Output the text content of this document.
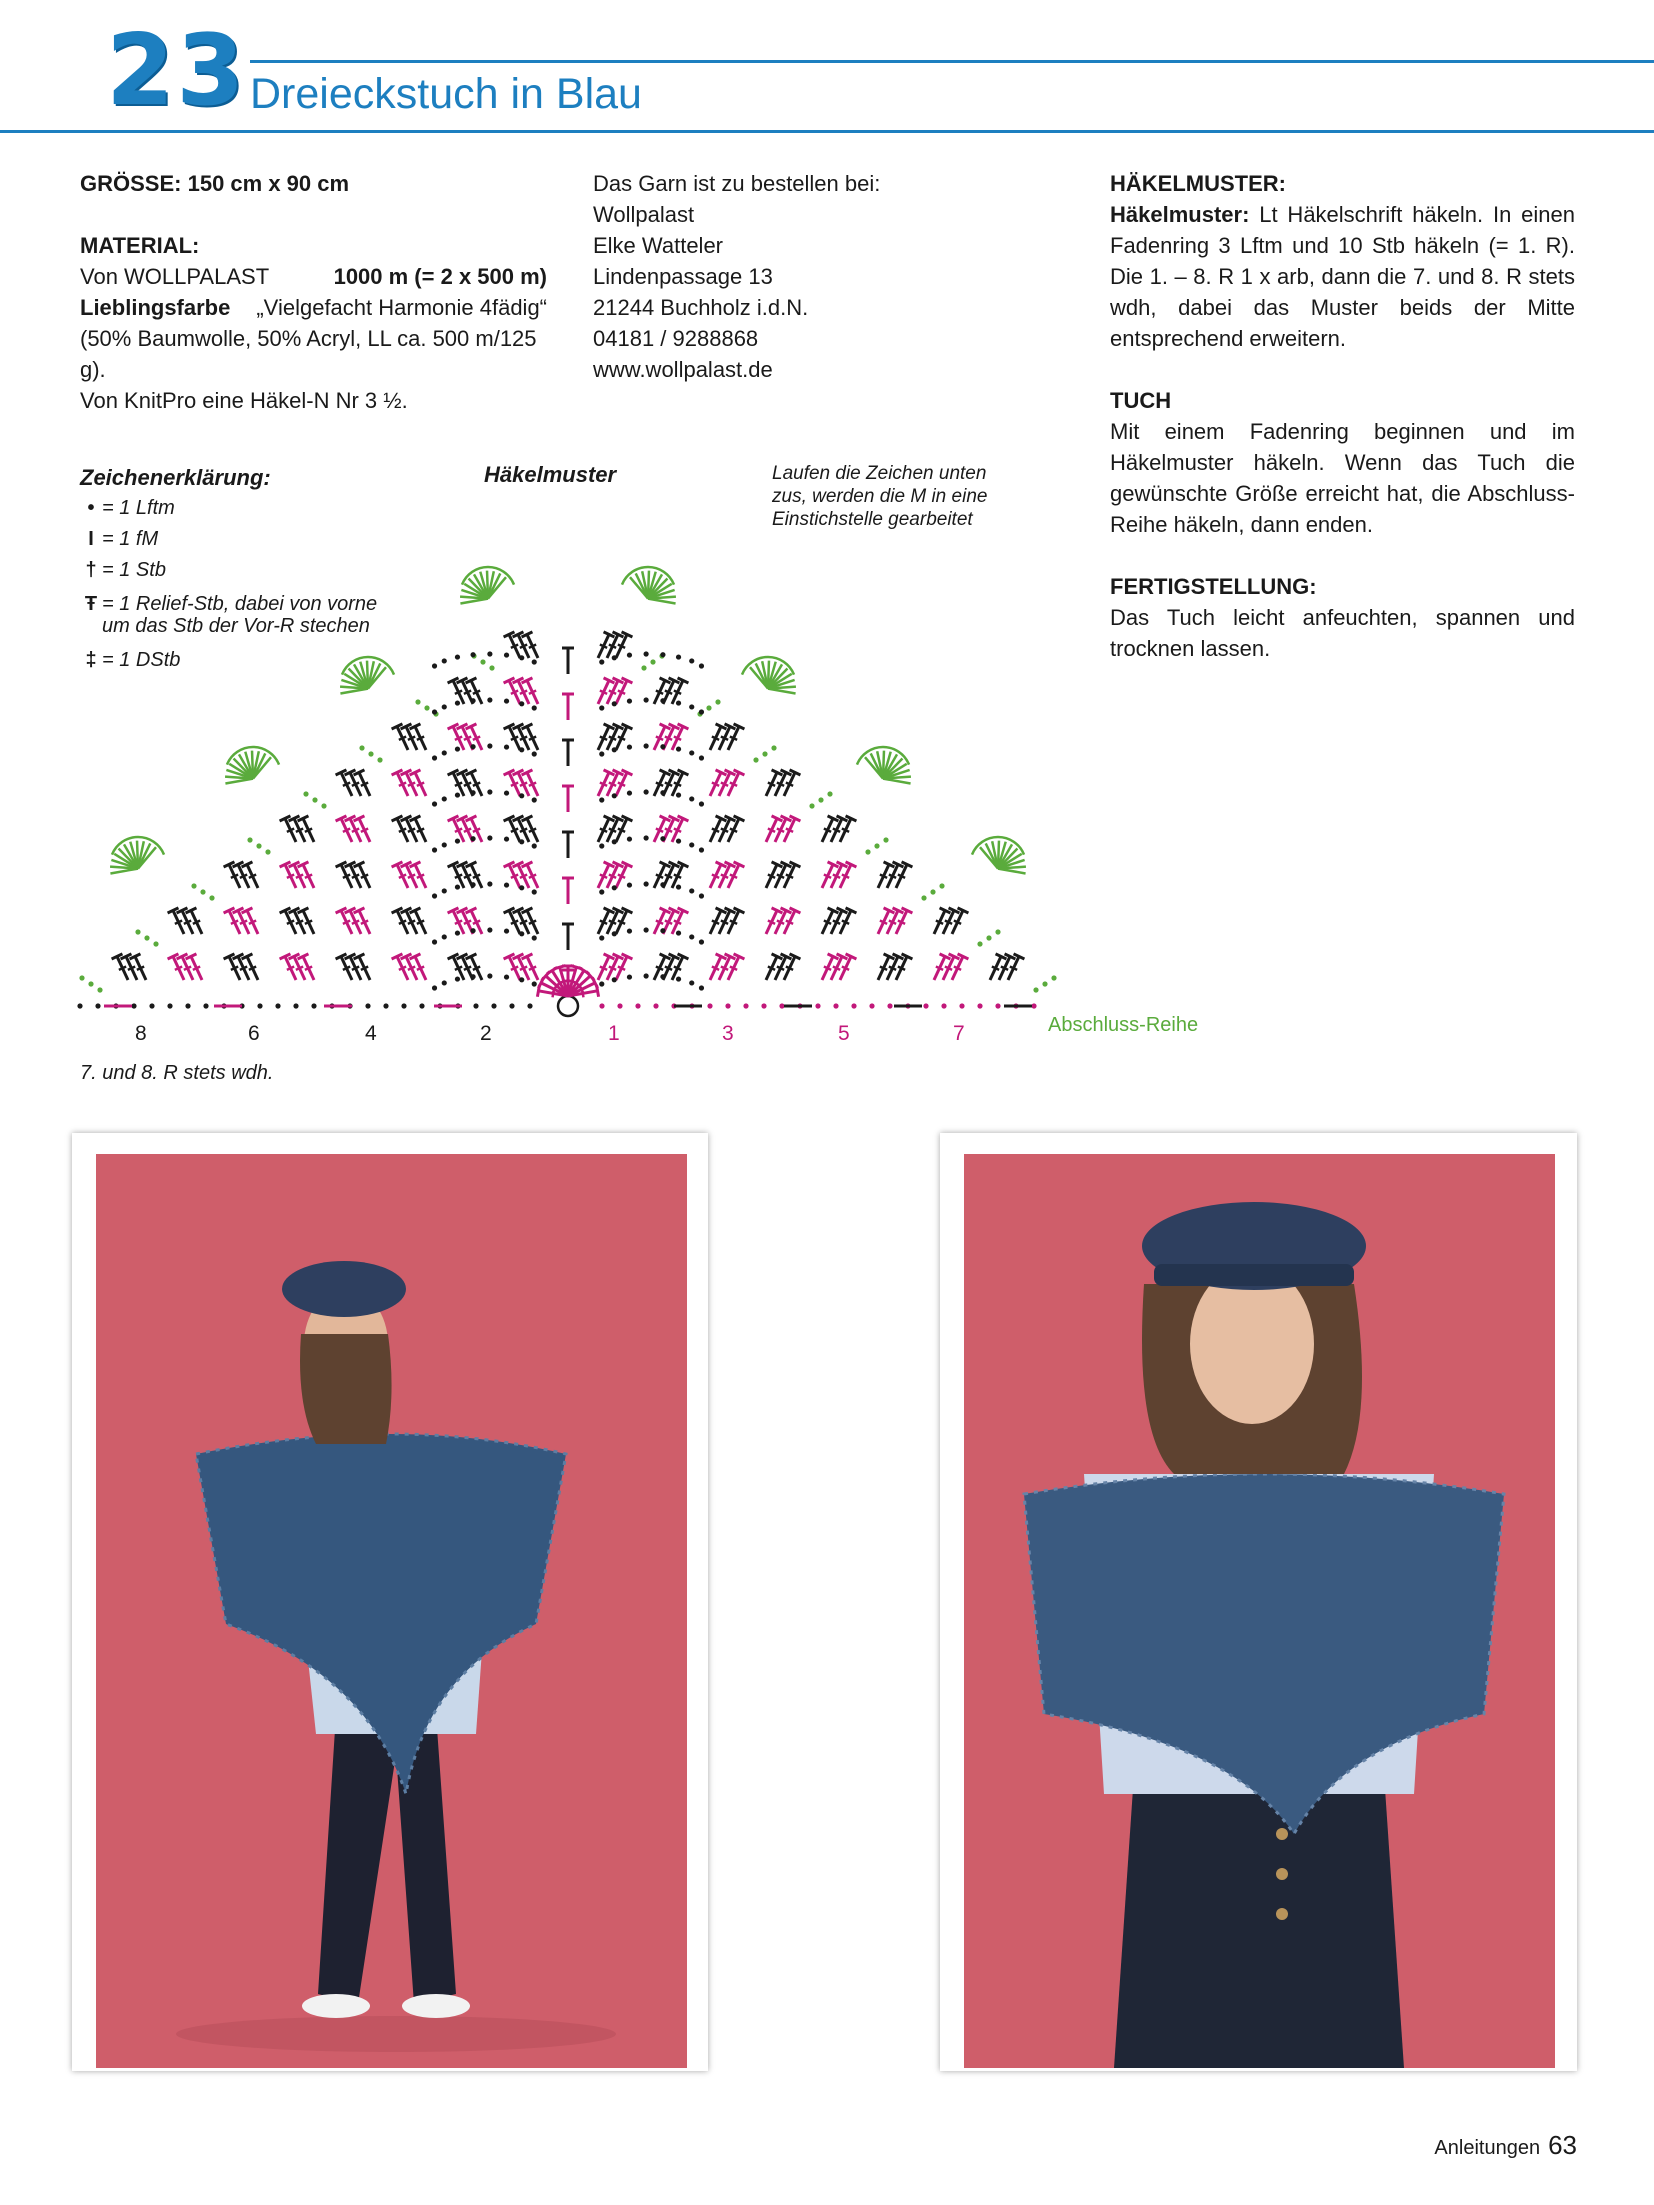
23 Dreieckstuch in Blau

GRÖSSE: 150 cm x 90 cm

MATERIAL:

Von WOLLPALAST	1000 m (= 2 x 500 m)

Lieblingsfarbe „Vielgefacht Harmonie 4fädig“

(50% Baumwolle, 50% Acryl, LL ca. 500 m/125 g).

Von KnitPro eine Häkel-N Nr 3 ½.

Das Garn ist zu bestellen bei:

Wollpalast

Elke Watteler

Lindenpassage 13

21244 Buchholz i.d.N.

04181 / 9288868

www.wollpalast.de

HÄKELMUSTER:

Häkelmuster: Lt Häkelschrift häkeln. In einen Fadenring 3 Lftm und 10 Stb häkeln (= 1. R). Die 1. – 8. R 1 x arb, dann die 7. und 8. R stets wdh, dabei das Muster beids der Mitte entsprechend erweitern.

TUCH

Mit einem Fadenring beginnen und im Häkelmuster häkeln. Wenn das Tuch die gewünschte Größe erreicht hat, die Abschluss-Reihe häkeln, dann enden.

FERTIGSTELLUNG:

Das Tuch leicht anfeuchten, spannen und trocknen lassen.

Zeichenerklärung:
• = 1 Lftm
I = 1 fM
† = 1 Stb
Ŧ = 1 Relief-Stb, dabei von vorne
um das Stb der Vor-R stechen
‡ = 1 DStb
Häkelmuster	Laufen die Zeichen unten
zus, werden die M in eine
Einstichstelle gearbeitet
8	6	4	2	1	3	5	7	Abschluss-Reihe
7. und 8. R stets wdh.
Anleitungen 63
